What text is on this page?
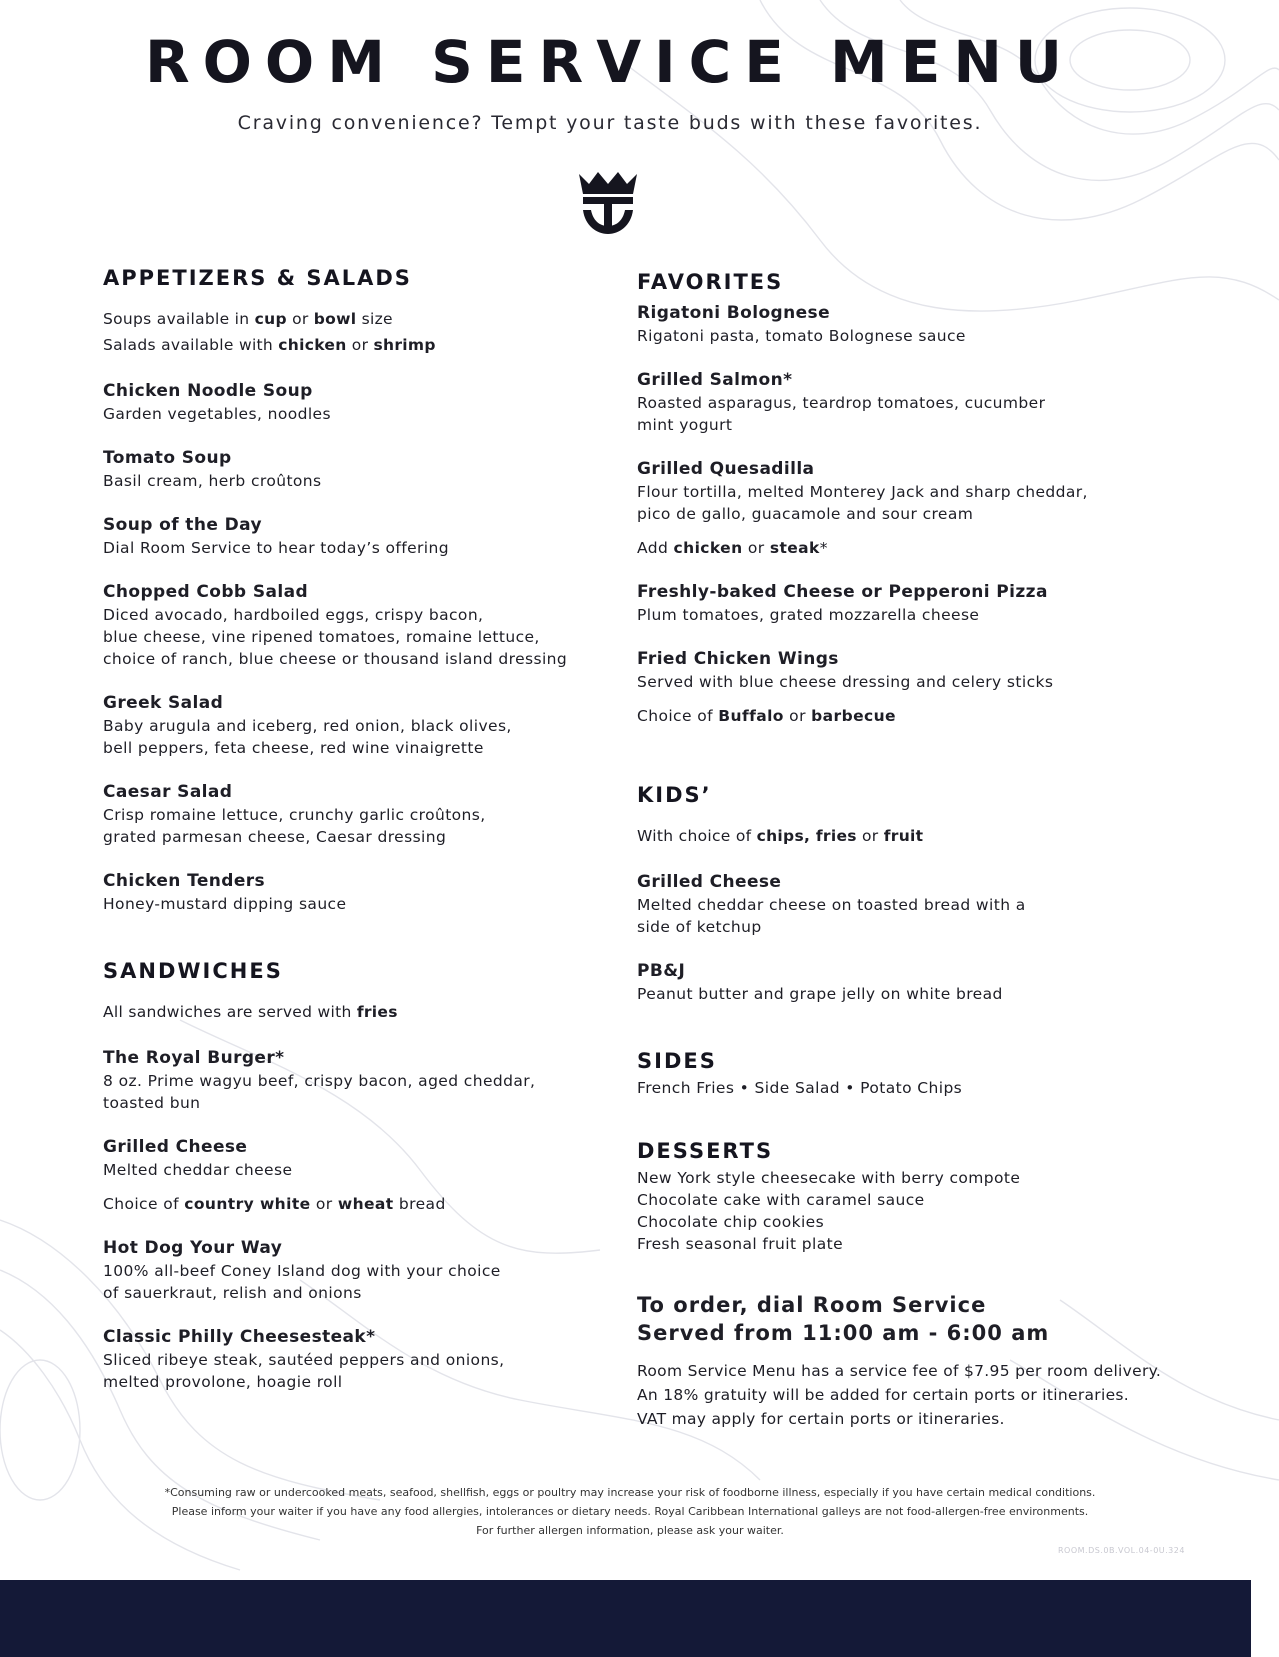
ROOM SERVICE MENU
Craving convenience? Tempt your taste buds with these favorites.
APPETIZERS & SALADS

Soups available in cup or bowl size

Salads available with chicken or shrimp

Chicken Noodle Soup
Garden vegetables, noodles
Tomato Soup
Basil cream, herb croûtons
Soup of the Day
Dial Room Service to hear today’s offering
Chopped Cobb Salad
Diced avocado, hardboiled eggs, crispy bacon,
blue cheese, vine ripened tomatoes, romaine lettuce,
choice of ranch, blue cheese or thousand island dressing
Greek Salad
Baby arugula and iceberg, red onion, black olives,
bell peppers, feta cheese, red wine vinaigrette
Caesar Salad
Crisp romaine lettuce, crunchy garlic croûtons,
grated parmesan cheese, Caesar dressing
Chicken Tenders
Honey-mustard dipping sauce
SANDWICHES

All sandwiches are served with fries

The Royal Burger*
8 oz. Prime wagyu beef, crispy bacon, aged cheddar,
toasted bun
Grilled Cheese
Melted cheddar cheese
Choice of country white or wheat bread
Hot Dog Your Way
100% all-beef Coney Island dog with your choice
of sauerkraut, relish and onions
Classic Philly Cheesesteak*
Sliced ribeye steak, sautéed peppers and onions,
melted provolone, hoagie roll
FAVORITES
Rigatoni Bolognese
Rigatoni pasta, tomato Bolognese sauce
Grilled Salmon*
Roasted asparagus, teardrop tomatoes, cucumber
mint yogurt
Grilled Quesadilla
Flour tortilla, melted Monterey Jack and sharp cheddar,
pico de gallo, guacamole and sour cream
Add chicken or steak*
Freshly-baked Cheese or Pepperoni Pizza
Plum tomatoes, grated mozzarella cheese
Fried Chicken Wings
Served with blue cheese dressing and celery sticks
Choice of Buffalo or barbecue
KIDS’

With choice of chips, fries or fruit

Grilled Cheese
Melted cheddar cheese on toasted bread with a
side of ketchup
PB&J
Peanut butter and grape jelly on white bread
SIDES
French Fries • Side Salad • Potato Chips
DESSERTS
New York style cheesecake with berry compote
Chocolate cake with caramel sauce
Chocolate chip cookies
Fresh seasonal fruit plate
To order, dial Room Service
Served from 11:00 am - 6:00 am
Room Service Menu has a service fee of $7.95 per room delivery.
An 18% gratuity will be added for certain ports or itineraries.
VAT may apply for certain ports or itineraries.
*Consuming raw or undercooked meats, seafood, shellfish, eggs or poultry may increase your risk of foodborne illness, especially if you have certain medical conditions.
Please inform your waiter if you have any food allergies, intolerances or dietary needs. Royal Caribbean International galleys are not food-allergen-free environments.
For further allergen information, please ask your waiter.
ROOM.DS.0B.VOL.04-0U.324
